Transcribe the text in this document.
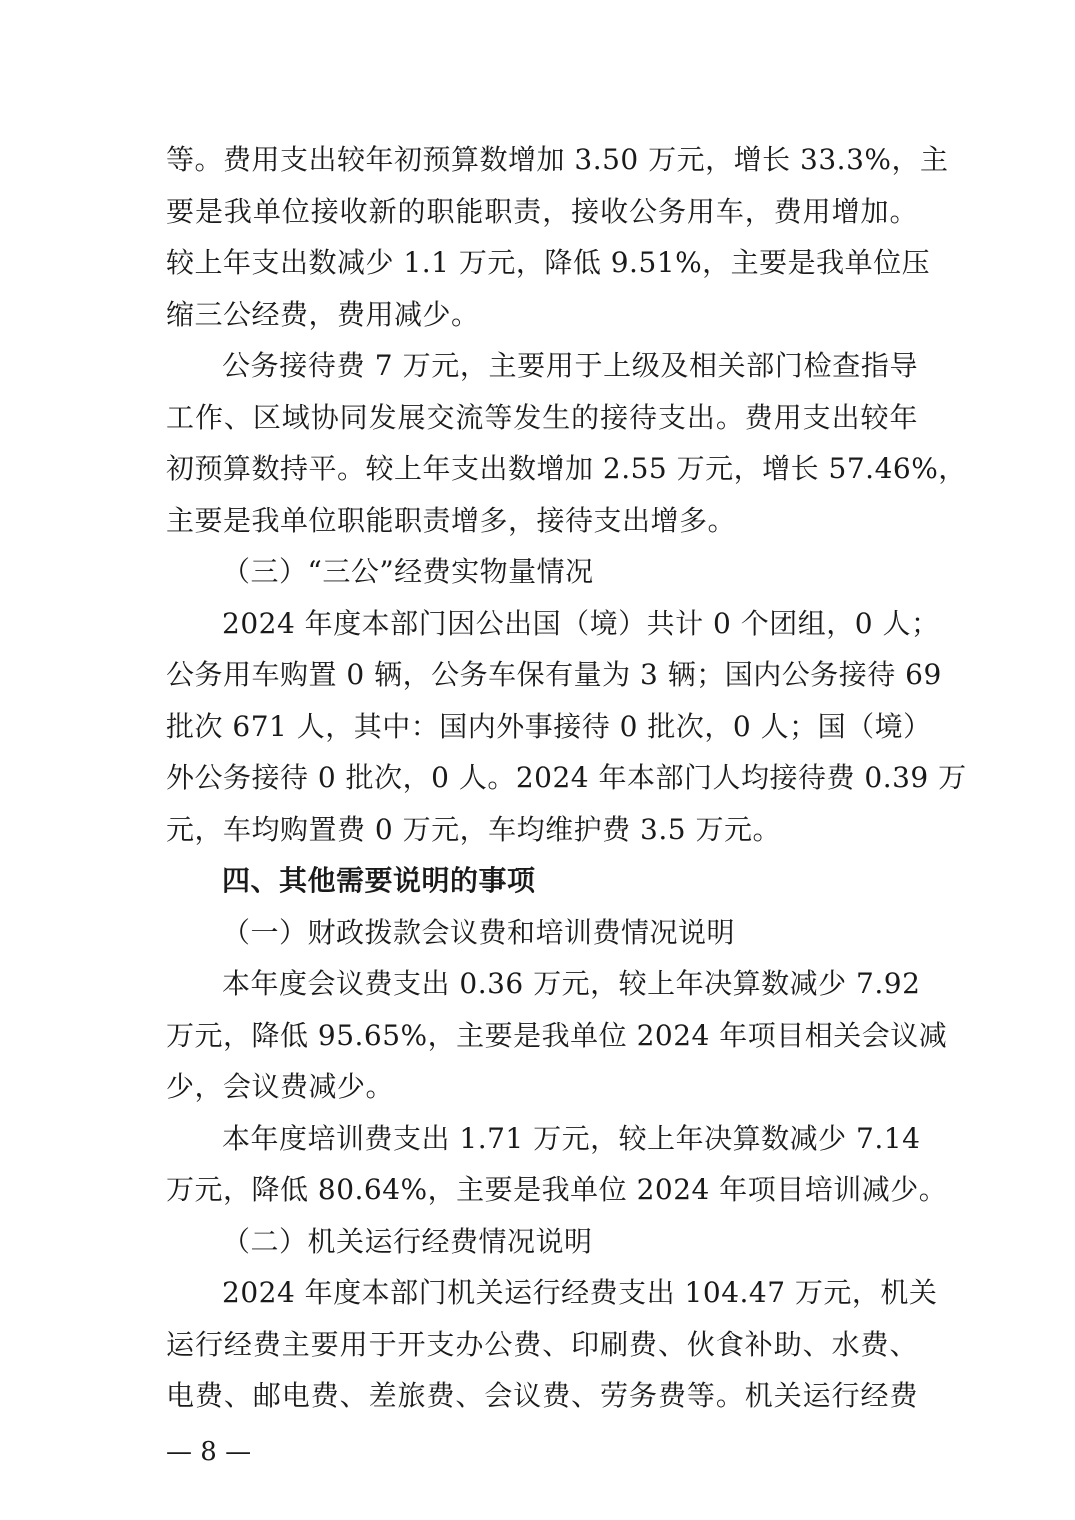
等。费用支出较年初预算数增加 3.50 万元，增长 33.3%，主
要是我单位接收新的职能职责，接收公务用车，费用增加。
较上年支出数减少 1.1 万元，降低 9.51%，主要是我单位压
缩三公经费，费用减少。
公务接待费 7 万元，主要用于上级及相关部门检查指导
工作、区域协同发展交流等发生的接待支出。费用支出较年
初预算数持平。较上年支出数增加 2.55 万元，增长 57.46%，
主要是我单位职能职责增多，接待支出增多。
（三）“三公”经费实物量情况
2024 年度本部门因公出国（境）共计 0 个团组，0 人；
公务用车购置 0 辆，公务车保有量为 3 辆；国内公务接待 69
批次 671 人，其中：国内外事接待 0 批次，0 人；国（境）
外公务接待 0 批次，0 人。2024 年本部门人均接待费 0.39 万
元，车均购置费 0 万元，车均维护费 3.5 万元。
四、其他需要说明的事项
（一）财政拨款会议费和培训费情况说明
本年度会议费支出 0.36 万元，较上年决算数减少 7.92
万元，降低 95.65%，主要是我单位 2024 年项目相关会议减
少，会议费减少。
本年度培训费支出 1.71 万元，较上年决算数减少 7.14
万元，降低 80.64%，主要是我单位 2024 年项目培训减少。
（二）机关运行经费情况说明
2024 年度本部门机关运行经费支出 104.47 万元，机关
运行经费主要用于开支办公费、印刷费、伙食补助、水费、
电费、邮电费、差旅费、会议费、劳务费等。机关运行经费
— 8 —
